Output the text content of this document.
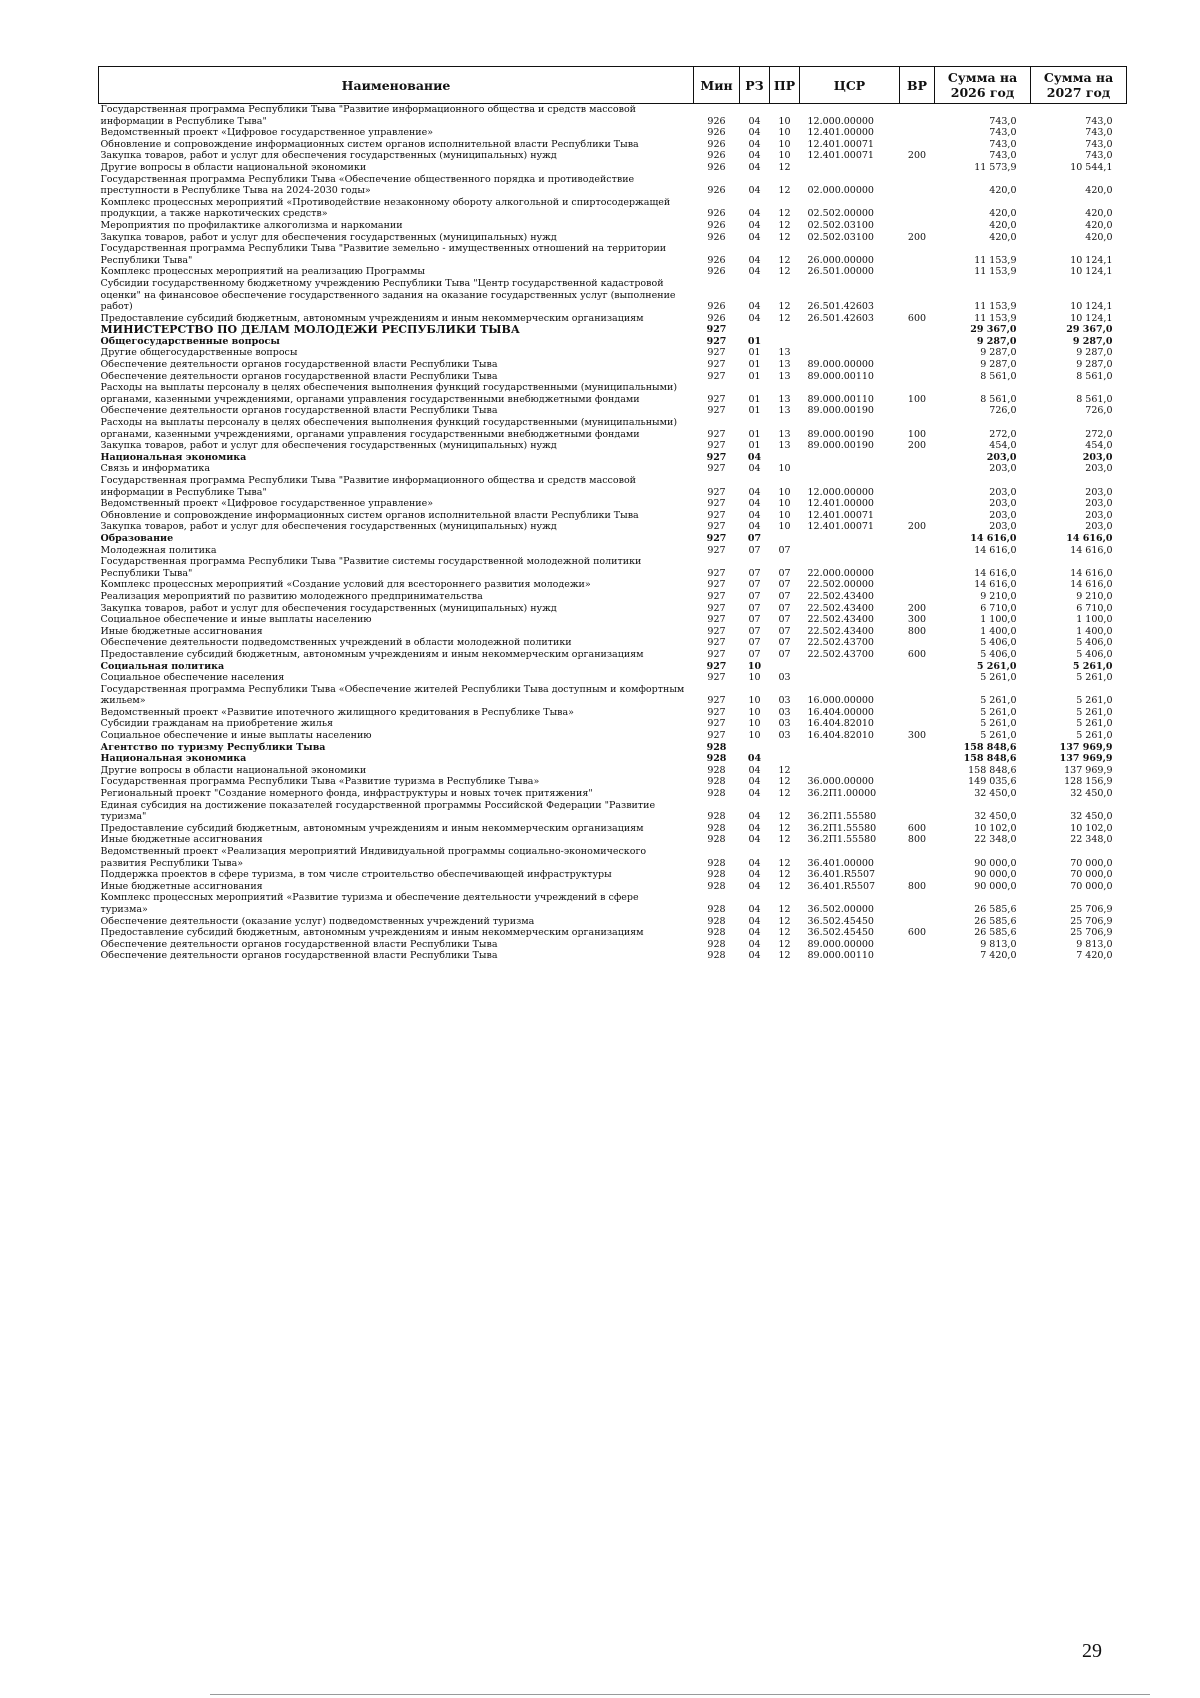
Наименование	Мин	РЗ	ПР	ЦСР	ВР	Сумма на 2026 год	Сумма на 2027 год
Государственная программа Республики Тыва "Развитие информационного общества и средств массовой информации в Республике Тыва"	926	04	10	12.000.00000		743,0	743,0
Ведомственный проект «Цифровое государственное управление»	926	04	10	12.401.00000		743,0	743,0
Обновление и сопровождение информационных систем органов исполнительной власти Республики Тыва	926	04	10	12.401.00071		743,0	743,0
Закупка товаров, работ и услуг для обеспечения государственных (муниципальных) нужд	926	04	10	12.401.00071	200	743,0	743,0
Другие вопросы в области национальной экономики	926	04	12			11 573,9	10 544,1
Государственная программа Республики Тыва «Обеспечение общественного порядка и противодействие преступности в Республике Тыва на 2024-2030 годы»	926	04	12	02.000.00000		420,0	420,0
Комплекс процессных мероприятий «Противодействие незаконному обороту алкогольной и спиртосодержащей продукции, а также наркотических средств»	926	04	12	02.502.00000		420,0	420,0
Мероприятия по профилактике алкоголизма и наркомании	926	04	12	02.502.03100		420,0	420,0
Закупка товаров, работ и услуг для обеспечения государственных (муниципальных) нужд	926	04	12	02.502.03100	200	420,0	420,0
Государственная программа Республики Тыва "Развитие земельно - имущественных отношений на территории Республики Тыва"	926	04	12	26.000.00000		11 153,9	10 124,1
Комплекс процессных мероприятий на реализацию Программы	926	04	12	26.501.00000		11 153,9	10 124,1
Субсидии государственному бюджетному учреждению Республики Тыва "Центр государственной кадастровой оценки" на финансовое обеспечение государственного задания на оказание государственных услуг (выполнение работ)	926	04	12	26.501.42603		11 153,9	10 124,1
Предоставление субсидий бюджетным, автономным учреждениям и иным некоммерческим организациям	926	04	12	26.501.42603	600	11 153,9	10 124,1
МИНИСТЕРСТВО ПО ДЕЛАМ МОЛОДЕЖИ РЕСПУБЛИКИ ТЫВА	927					29 367,0	29 367,0
Общегосударственные вопросы	927	01				9 287,0	9 287,0
Другие общегосударственные вопросы	927	01	13			9 287,0	9 287,0
Обеспечение деятельности органов государственной власти Республики Тыва	927	01	13	89.000.00000		9 287,0	9 287,0
Обеспечение деятельности органов государственной власти Республики Тыва	927	01	13	89.000.00110		8 561,0	8 561,0
Расходы на выплаты персоналу в целях обеспечения выполнения функций государственными (муниципальными) органами, казенными учреждениями, органами управления государственными внебюджетными фондами	927	01	13	89.000.00110	100	8 561,0	8 561,0
Обеспечение деятельности органов государственной власти Республики Тыва	927	01	13	89.000.00190		726,0	726,0
Расходы на выплаты персоналу в целях обеспечения выполнения функций государственными (муниципальными) органами, казенными учреждениями, органами управления государственными внебюджетными фондами	927	01	13	89.000.00190	100	272,0	272,0
Закупка товаров, работ и услуг для обеспечения государственных (муниципальных) нужд	927	01	13	89.000.00190	200	454,0	454,0
Национальная экономика	927	04				203,0	203,0
Связь и информатика	927	04	10			203,0	203,0
Государственная программа Республики Тыва "Развитие информационного общества и средств массовой информации в Республике Тыва"	927	04	10	12.000.00000		203,0	203,0
Ведомственный проект «Цифровое государственное управление»	927	04	10	12.401.00000		203,0	203,0
Обновление и сопровождение информационных систем органов исполнительной власти Республики Тыва	927	04	10	12.401.00071		203,0	203,0
Закупка товаров, работ и услуг для обеспечения государственных (муниципальных) нужд	927	04	10	12.401.00071	200	203,0	203,0
Образование	927	07				14 616,0	14 616,0
Молодежная политика	927	07	07			14 616,0	14 616,0
Государственная программа Республики Тыва "Развитие системы государственной молодежной политики Республики Тыва"	927	07	07	22.000.00000		14 616,0	14 616,0
Комплекс процессных мероприятий «Создание условий для всестороннего развития молодежи»	927	07	07	22.502.00000		14 616,0	14 616,0
Реализация мероприятий по развитию молодежного предпринимательства	927	07	07	22.502.43400		9 210,0	9 210,0
Закупка товаров, работ и услуг для обеспечения государственных (муниципальных) нужд	927	07	07	22.502.43400	200	6 710,0	6 710,0
Социальное обеспечение и иные выплаты населению	927	07	07	22.502.43400	300	1 100,0	1 100,0
Иные бюджетные ассигнования	927	07	07	22.502.43400	800	1 400,0	1 400,0
Обеспечение деятельности подведомственных учреждений в области молодежной политики	927	07	07	22.502.43700		5 406,0	5 406,0
Предоставление субсидий бюджетным, автономным учреждениям и иным некоммерческим организациям	927	07	07	22.502.43700	600	5 406,0	5 406,0
Социальная политика	927	10				5 261,0	5 261,0
Социальное обеспечение населения	927	10	03			5 261,0	5 261,0
Государственная программа Республики Тыва «Обеспечение жителей Республики Тыва доступным и комфортным жильем»	927	10	03	16.000.00000		5 261,0	5 261,0
Ведомственный проект «Развитие ипотечного жилищного кредитования в Республике Тыва»	927	10	03	16.404.00000		5 261,0	5 261,0
Субсидии гражданам на приобретение жилья	927	10	03	16.404.82010		5 261,0	5 261,0
Социальное обеспечение и иные выплаты населению	927	10	03	16.404.82010	300	5 261,0	5 261,0
Агентство по туризму Республики Тыва	928					158 848,6	137 969,9
Национальная экономика	928	04				158 848,6	137 969,9
Другие вопросы в области национальной экономики	928	04	12			158 848,6	137 969,9
Государственная программа Республики Тыва «Развитие туризма в Республике Тыва»	928	04	12	36.000.00000		149 035,6	128 156,9
Региональный проект "Создание номерного фонда, инфраструктуры и новых точек притяжения"	928	04	12	36.2П1.00000		32 450,0	32 450,0
Единая субсидия на достижение показателей государственной программы Российской Федерации "Развитие туризма"	928	04	12	36.2П1.55580		32 450,0	32 450,0
Предоставление субсидий бюджетным, автономным учреждениям и иным некоммерческим организациям	928	04	12	36.2П1.55580	600	10 102,0	10 102,0
Иные бюджетные ассигнования	928	04	12	36.2П1.55580	800	22 348,0	22 348,0
Ведомственный проект «Реализация мероприятий Индивидуальной программы социально-экономического развития Республики Тыва»	928	04	12	36.401.00000		90 000,0	70 000,0
Поддержка проектов в сфере туризма, в том числе строительство обеспечивающей инфраструктуры	928	04	12	36.401.R5507		90 000,0	70 000,0
Иные бюджетные ассигнования	928	04	12	36.401.R5507	800	90 000,0	70 000,0
Комплекс процессных мероприятий «Развитие туризма и обеспечение деятельности учреждений в сфере туризма»	928	04	12	36.502.00000		26 585,6	25 706,9
Обеспечение деятельности (оказание услуг) подведомственных учреждений туризма	928	04	12	36.502.45450		26 585,6	25 706,9
Предоставление субсидий бюджетным, автономным учреждениям и иным некоммерческим организациям	928	04	12	36.502.45450	600	26 585,6	25 706,9
Обеспечение деятельности органов государственной власти Республики Тыва	928	04	12	89.000.00000		9 813,0	9 813,0
Обеспечение деятельности органов государственной власти Республики Тыва	928	04	12	89.000.00110		7 420,0	7 420,0
29
